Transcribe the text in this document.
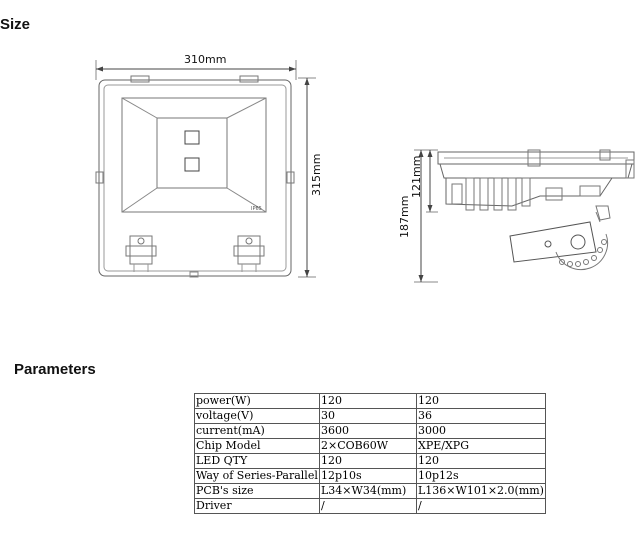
Size
310mm
315mm
187mm
121mm
IP65
Parameters
power(W)	120	120
voltage(V)	30	36
current(mA)	3600	3000
Chip Model	2×COB60W	XPE/XPG
LED QTY	120	120
Way of Series-Parallel	12p10s	10p12s
PCB's size	L34×W34(mm)	L136×W101×2.0(mm)
Driver	/	/
